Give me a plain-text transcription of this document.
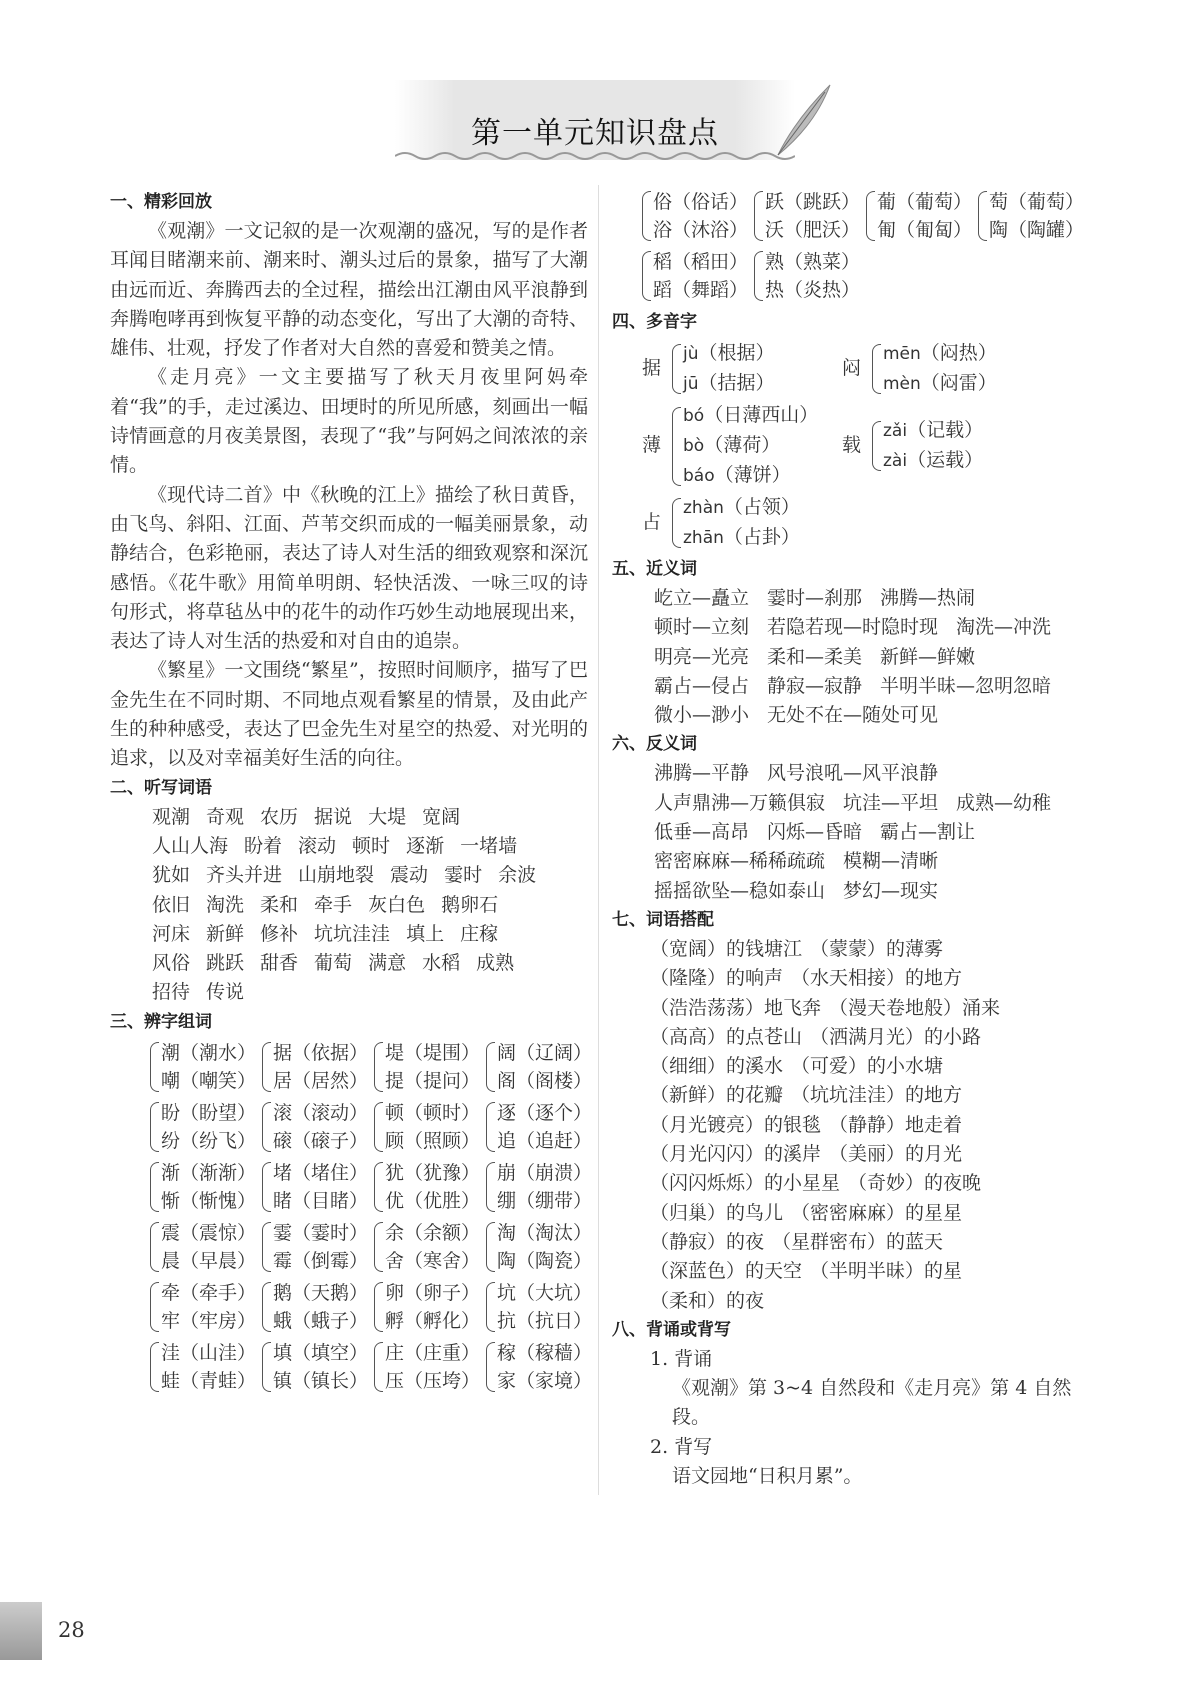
第一单元知识盘点
一、精彩回放

《观潮》一文记叙的是一次观潮的盛况，写的是作者耳闻目睹潮来前、潮来时、潮头过后的景象，描写了大潮由远而近、奔腾西去的全过程，描绘出江潮由风平浪静到奔腾咆哮再到恢复平静的动态变化，写出了大潮的奇特、雄伟、壮观，抒发了作者对大自然的喜爱和赞美之情。

《走月亮》一文主要描写了秋天月夜里阿妈牵着“我”的手，走过溪边、田埂时的所见所感，刻画出一幅诗情画意的月夜美景图，表现了“我”与阿妈之间浓浓的亲情。

《现代诗二首》中《秋晚的江上》描绘了秋日黄昏，由飞鸟、斜阳、江面、芦苇交织而成的一幅美丽景象，动静结合，色彩艳丽，表达了诗人对生活的细致观察和深沉感悟。《花牛歌》用简单明朗、轻快活泼、一咏三叹的诗句形式，将草毡丛中的花牛的动作巧妙生动地展现出来，表达了诗人对生活的热爱和对自由的追崇。

《繁星》一文围绕“繁星”，按照时间顺序，描写了巴金先生在不同时期、不同地点观看繁星的情景，及由此产生的种种感受，表达了巴金先生对星空的热爱、对光明的追求，以及对幸福美好生活的向往。

二、听写词语
观潮 奇观 农历 据说 大堤 宽阔
人山人海 盼着 滚动 顿时 逐渐 一堵墙
犹如 齐头并进 山崩地裂 震动 霎时 余波
依旧 淘洗 柔和 牵手 灰白色 鹅卵石
河床 新鲜 修补 坑坑洼洼 填上 庄稼
风俗 跳跃 甜香 葡萄 满意 水稻 成熟
招待 传说
三、辨字组词
潮（潮水）
嘲（嘲笑）
据（依据）
居（居然）
堤（堤围）
提（提问）
阔（辽阔）
阁（阁楼）
盼（盼望）
纷（纷飞）
滚（滚动）
磙（磙子）
顿（顿时）
顾（照顾）
逐（逐个）
追（追赶）
渐（渐渐）
惭（惭愧）
堵（堵住）
睹（目睹）
犹（犹豫）
优（优胜）
崩（崩溃）
绷（绷带）
震（震惊）
晨（早晨）
霎（霎时）
霉（倒霉）
余（余额）
舍（寒舍）
淘（淘汰）
陶（陶瓷）
牵（牵手）
牢（牢房）
鹅（天鹅）
蛾（蛾子）
卵（卵子）
孵（孵化）
坑（大坑）
抗（抗日）
洼（山洼）
蛙（青蛙）
填（填空）
镇（镇长）
庄（庄重）
压（压垮）
稼（稼穑）
家（家境）
俗（俗话）
浴（沐浴）
跃（跳跃）
沃（肥沃）
葡（葡萄）
匍（匍匐）
萄（葡萄）
陶（陶罐）
稻（稻田）
蹈（舞蹈）
熟（熟菜）
热（炎热）
四、多音字
据
jù（根据）
jū（拮据）
闷
mēn（闷热）
mèn（闷雷）
薄
bó（日薄西山）
bò（薄荷）
báo（薄饼）
载
zǎi（记载）
zài（运载）
占
zhàn（占领）
zhān（占卦）
五、近义词
屹立—矗立 霎时—刹那 沸腾—热闹
顿时—立刻 若隐若现—时隐时现 淘洗—冲洗
明亮—光亮 柔和—柔美 新鲜—鲜嫩
霸占—侵占 静寂—寂静 半明半昧—忽明忽暗
微小—渺小 无处不在—随处可见
六、反义词
沸腾—平静 风号浪吼—风平浪静
人声鼎沸—万籁俱寂 坑洼—平坦 成熟—幼稚
低垂—高昂 闪烁—昏暗 霸占—割让
密密麻麻—稀稀疏疏 模糊—清晰
摇摇欲坠—稳如泰山 梦幻—现实
七、词语搭配
（宽阔）的钱塘江 （蒙蒙）的薄雾
（隆隆）的响声 （水天相接）的地方
（浩浩荡荡）地飞奔 （漫天卷地般）涌来
（高高）的点苍山 （洒满月光）的小路
（细细）的溪水 （可爱）的小水塘
（新鲜）的花瓣 （坑坑洼洼）的地方
（月光镀亮）的银毯 （静静）地走着
（月光闪闪）的溪岸 （美丽）的月光
（闪闪烁烁）的小星星 （奇妙）的夜晚
（归巢）的鸟儿 （密密麻麻）的星星
（静寂）的夜 （星群密布）的蓝天
（深蓝色）的天空 （半明半昧）的星
（柔和）的夜
八、背诵或背写
1. 背诵
《观潮》第 3~4 自然段和《走月亮》第 4 自然段。
2. 背写
语文园地“日积月累”。
28
